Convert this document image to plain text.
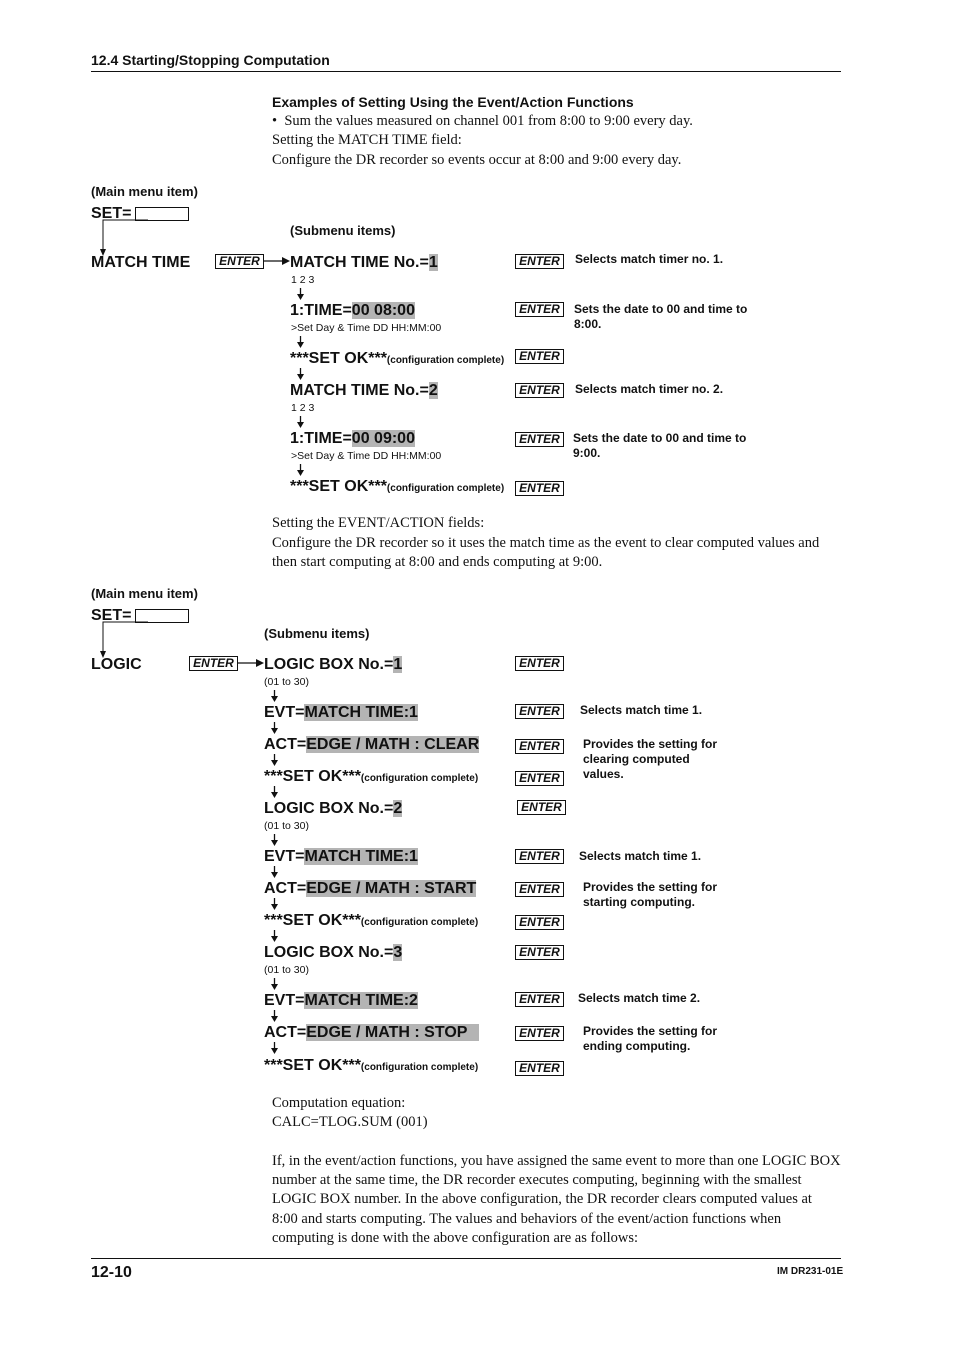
12.4 Starting/Stopping Computation
Examples of Setting Using the Event/Action Functions
•  Sum the values measured on channel 001 from 8:00 to 9:00 every day.
Setting the MATCH TIME field:
Configure the DR recorder so events occur at 8:00 and 9:00 every day.
(Main menu item)
SET=
(Submenu items)
MATCH TIME	ENTER MATCH TIME No.=1	ENTER	Selects match timer no. 1.
1 2 3
1:TIME=00 08:00	ENTER	Sets the date to 00 and time to 8:00.
>Set Day & Time DD HH:MM:00
***SET OK***(configuration complete)	ENTER
MATCH TIME No.=2	ENTER	Selects match timer no. 2.
1 2 3
1:TIME=00 09:00	ENTER	Sets the date to 00 and time to 9:00.
>Set Day & Time DD HH:MM:00
***SET OK***(configuration complete)	ENTER
Setting the EVENT/ACTION fields:
Configure the DR recorder so it uses the match time as the event to clear computed values and
then start computing at 8:00 and ends computing at 9:00.
(Main menu item)
SET=
(Submenu items)
LOGIC	ENTER LOGIC BOX No.=1	ENTER
(01 to 30)
EVT=MATCH TIME:1	ENTER	Selects match time 1.
ACT=EDGE / MATH : CLEAR	ENTER	Provides the setting for clearing computed values.
***SET OK***(configuration complete)	ENTER
LOGIC BOX No.=2	ENTER
(01 to 30)
EVT=MATCH TIME:1	ENTER	Selects match time 1.
ACT=EDGE / MATH : START	ENTER	Provides the setting for starting computing.
***SET OK***(configuration complete)	ENTER
LOGIC BOX No.=3	ENTER
(01 to 30)
EVT=MATCH TIME:2	ENTER	Selects match time 2.
ACT=EDGE / MATH : STOP	ENTER	Provides the setting for ending computing.
***SET OK***(configuration complete)	ENTER
Computation equation:
CALC=TLOG.SUM (001)
If, in the event/action functions, you have assigned the same event to more than one LOGIC BOX
number at the same time, the DR recorder executes computing, beginning with the smallest
LOGIC BOX number. In the above configuration, the DR recorder clears computed values at
8:00 and starts computing. The values and behaviors of the event/action functions when
computing is done with the above configuration are as follows:
12-10	IM DR231-01E
